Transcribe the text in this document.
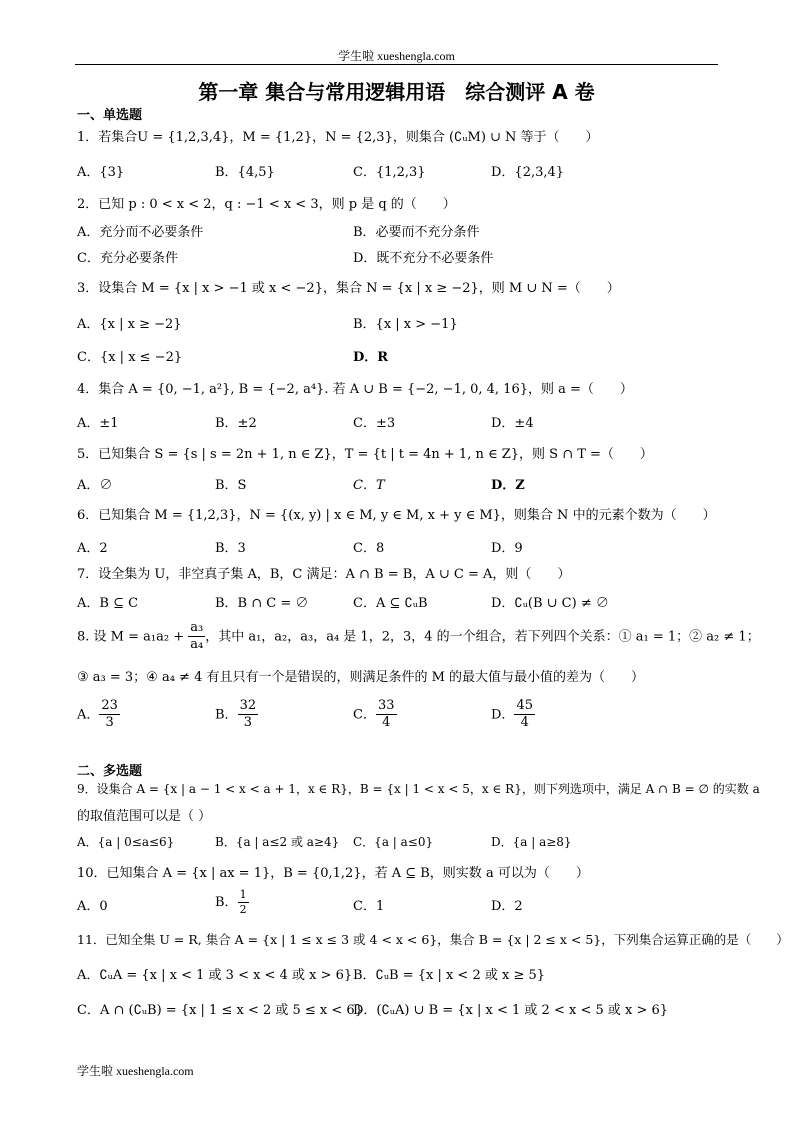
学生啦 xueshengla.com
第一章 集合与常用逻辑用语　综合测评 A 卷
一、单选题
1．若集合U = {1,2,3,4}，M = {1,2}，N = {2,3}，则集合 (∁ᵤM) ∪ N 等于（　　）
A．{3}	B．{4,5}	C．{1,2,3}	D．{2,3,4}
2．已知 p : 0 < x < 2，q : −1 < x < 3，则 p 是 q 的（　　）
A．充分而不必要条件	B．必要而不充分条件
C．充分必要条件	D．既不充分不必要条件
3．设集合 M = {x | x > −1 或 x < −2}，集合 N = {x | x ≥ −2}，则 M ∪ N =（　　）
A．{x | x ≥ −2}	B．{x | x > −1}
C．{x | x ≤ −2}	D．R
4．集合 A = {0, −1, a²}, B = {−2, a⁴}. 若 A ∪ B = {−2, −1, 0, 4, 16}，则 a =（　　）
A．±1	B．±2	C．±3	D．±4
5．已知集合 S = {s | s = 2n + 1, n ∈ Z}，T = {t | t = 4n + 1, n ∈ Z}，则 S ∩ T =（　　）
A．∅	B．S	C．T	D．Z
6．已知集合 M = {1,2,3}，N = {(x, y) | x ∈ M, y ∈ M, x + y ∈ M}，则集合 N 中的元素个数为（　　）
A．2	B．3	C．8	D．9
7．设全集为 U，非空真子集 A，B，C 满足：A ∩ B = B，A ∪ C = A，则（　　）
A．B ⊆ C	B．B ∩ C = ∅	C．A ⊆ ∁ᵤB	D．∁ᵤ(B ∪ C) ≠ ∅
8. 设 $M = a_1a_2 + \frac{\text{a₃}}{\text{a₄}}$ ，其中 a₁，a₂，a₃，a₄ 是 1，2，3，4 的一个组合，若下列四个关系：① a₁ = 1；② a₂ ≠ 1；
③ a₃ = 3；④ a₄ ≠ 4 有且只有一个是错误的，则满足条件的 M 的最大值与最小值的差为（　　）
A． $\frac{23}{3}$	B． $\frac{32}{3}$	C． $\frac{33}{4}$	D． $\frac{45}{4}$
二、多选题
9．设集合 A = {x | a − 1 < x < a + 1，x ∈ R}，B = {x | 1 < x < 5，x ∈ R}，则下列选项中，满足 A ∩ B = ∅ 的实数 a
的取值范围可以是（ ）
A．{a | 0≤a≤6}	B．{a | a≤2 或 a≥4} C．{a | a≤0}	D．{a | a≥8}
10．已知集合 A = {x | ax = 1}，B = {0,1,2}，若 A ⊆ B，则实数 a 可以为（　　）
A．0	B． $\frac{1}{2}$	C．1	D．2
11．已知全集 U = R, 集合 A = {x | 1 ≤ x ≤ 3 或 4 < x < 6}，集合 B = {x | 2 ≤ x < 5}，下列集合运算正确的是（　　）
A．∁ᵤA = {x | x < 1 或 3 < x < 4 或 x > 6} B．∁ᵤB = {x | x < 2 或 x ≥ 5}
C．A ∩ (∁ᵤB) = {x | 1 ≤ x < 2 或 5 ≤ x < 6}
D．(∁ᵤA) ∪ B = {x | x < 1 或 2 < x < 5 或 x > 6}
学生啦 xueshengla.com
